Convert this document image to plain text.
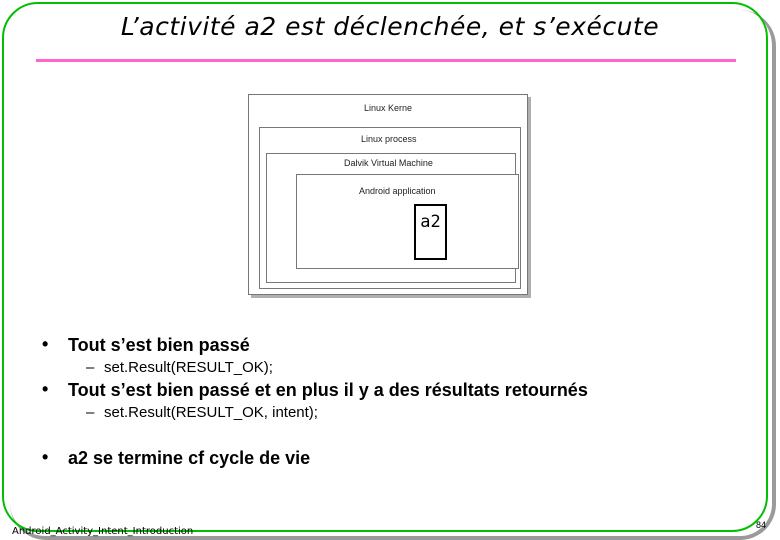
L’activité a2 est déclenchée, et s’exécute
Linux Kerne
Linux process
Dalvik Virtual Machine
Android application
a2
• Tout s’est bien passé
– set.Result(RESULT_OK);
• Tout s’est bien passé et en plus il y a des résultats retournés
– set.Result(RESULT_OK, intent);
• a2 se termine cf cycle de vie
Android_Activity_Intent_Introduction
84
